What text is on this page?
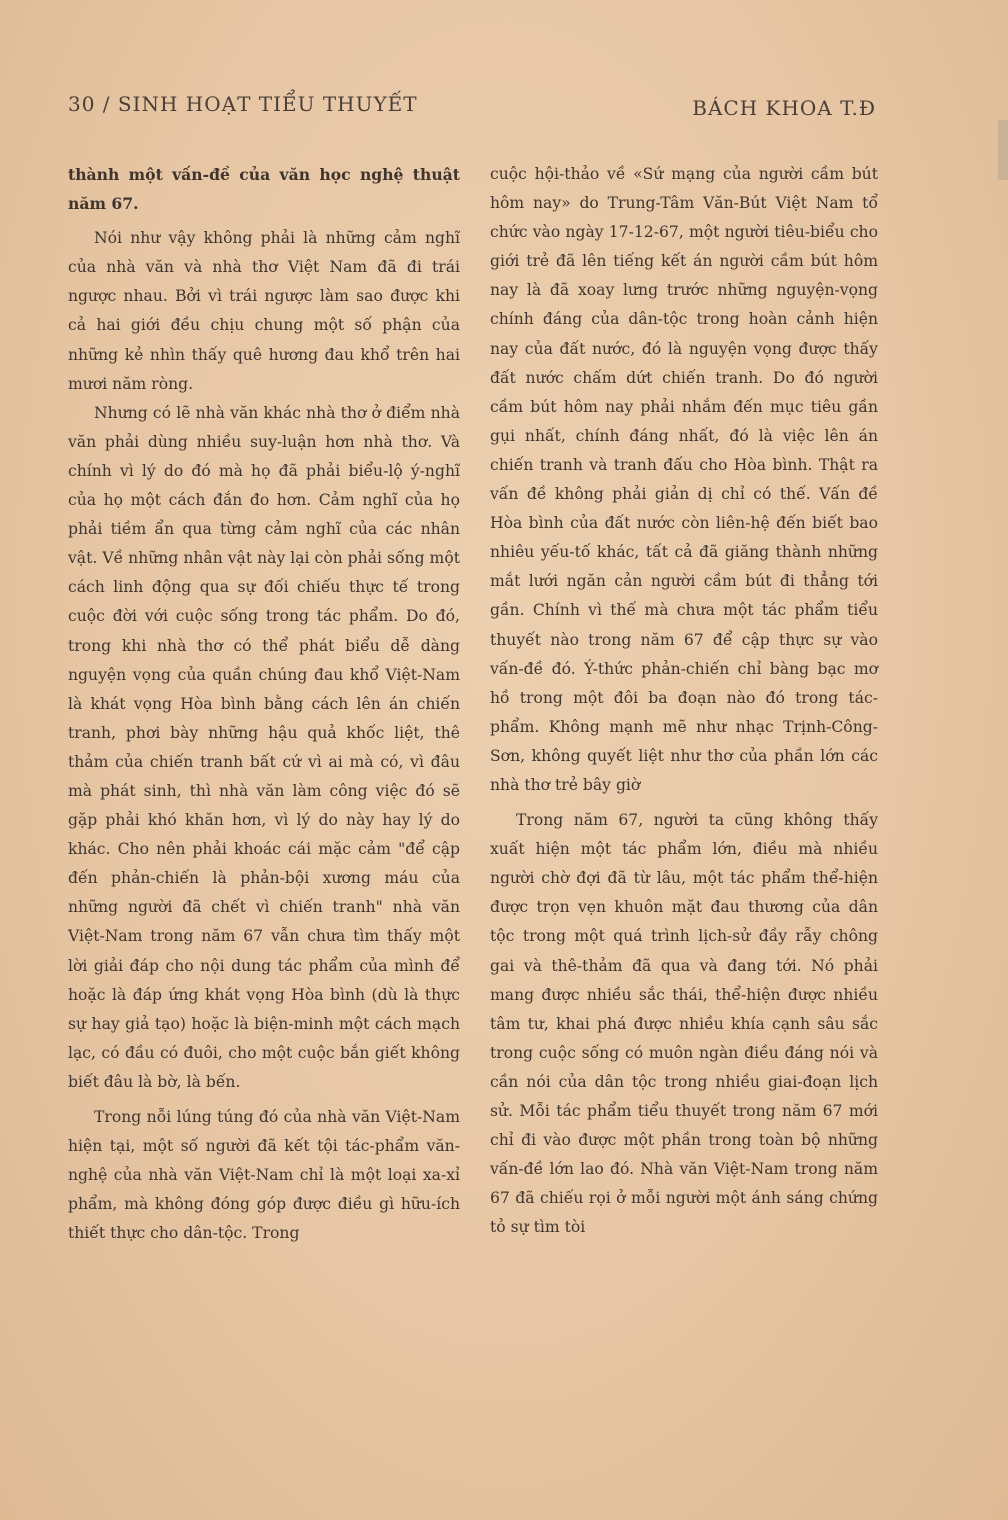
30 / SINH HOẠT TIỂU THUYẾT	BÁCH KHOA T.Đ

thành một vấn-đề của văn học nghệ thuật năm 67.

Nói như vậy không phải là những cảm nghĩ của nhà văn và nhà thơ Việt Nam đã đi trái ngược nhau. Bởi vì trái ngược làm sao được khi cả hai giới đều chịu chung một số phận của những kẻ nhìn thấy quê hương đau khổ trên hai mươi năm ròng.

Nhưng có lẽ nhà văn khác nhà thơ ở điểm nhà văn phải dùng nhiều suy-luận hơn nhà thơ. Và chính vì lý do đó mà họ đã phải biểu-lộ ý-nghĩ của họ một cách đắn đo hơn. Cảm nghĩ của họ phải tiềm ẩn qua từng cảm nghĩ của các nhân vật. Về những nhân vật này lại còn phải sống một cách linh động qua sự đối chiếu thực tế trong cuộc đời với cuộc sống trong tác phẩm. Do đó, trong khi nhà thơ có thể phát biểu dễ dàng nguyện vọng của quần chúng đau khổ Việt-Nam là khát vọng Hòa bình bằng cách lên án chiến tranh, phơi bày những hậu quả khốc liệt, thê thảm của chiến tranh bất cứ vì ai mà có, vì đâu mà phát sinh, thì nhà văn làm công việc đó sẽ gặp phải khó khăn hơn, vì lý do này hay lý do khác. Cho nên phải khoác cái mặc cảm "để cập đến phản-chiến là phản-bội xương máu của những người đã chết vì chiến tranh" nhà văn Việt-Nam trong năm 67 vẫn chưa tìm thấy một lời giải đáp cho nội dung tác phẩm của mình để hoặc là đáp ứng khát vọng Hòa bình (dù là thực sự hay giả tạo) hoặc là biện-minh một cách mạch lạc, có đầu có đuôi, cho một cuộc bắn giết không biết đâu là bờ, là bến.

Trong nỗi lúng túng đó của nhà văn Việt-Nam hiện tại, một số người đã kết tội tác-phẩm văn-nghệ của nhà văn Việt-Nam chỉ là một loại xa-xỉ phẩm, mà không đóng góp được điều gì hữu-ích thiết thực cho dân-tộc. Trong

cuộc hội-thảo về «Sứ mạng của người cầm bút hôm nay» do Trung-Tâm Văn-Bút Việt Nam tổ chức vào ngày 17-12-67, một người tiêu-biểu cho giới trẻ đã lên tiếng kết án người cầm bút hôm nay là đã xoay lưng trước những nguyện-vọng chính đáng của dân-tộc trong hoàn cảnh hiện nay của đất nước, đó là nguyện vọng được thấy đất nước chấm dứt chiến tranh. Do đó người cầm bút hôm nay phải nhắm đến mục tiêu gần gụi nhất, chính đáng nhất, đó là việc lên án chiến tranh và tranh đấu cho Hòa bình. Thật ra vấn đề không phải giản dị chỉ có thế. Vấn đề Hòa bình của đất nước còn liên-hệ đến biết bao nhiêu yếu-tố khác, tất cả đã giăng thành những mắt lưới ngăn cản người cầm bút đi thẳng tới gần. Chính vì thế mà chưa một tác phẩm tiểu thuyết nào trong năm 67 để cập thực sự vào vấn-đề đó. Ý-thức phản-chiến chỉ bàng bạc mơ hồ trong một đôi ba đoạn nào đó trong tác-phẩm. Không mạnh mẽ như nhạc Trịnh-Công-Sơn, không quyết liệt như thơ của phần lớn các nhà thơ trẻ bây giờ

Trong năm 67, người ta cũng không thấy xuất hiện một tác phẩm lớn, điều mà nhiều người chờ đợi đã từ lâu, một tác phẩm thể-hiện được trọn vẹn khuôn mặt đau thương của dân tộc trong một quá trình lịch-sử đầy rẫy chông gai và thê-thảm đã qua và đang tới. Nó phải mang được nhiều sắc thái, thể-hiện được nhiều tâm tư, khai phá được nhiều khía cạnh sâu sắc trong cuộc sống có muôn ngàn điều đáng nói và cần nói của dân tộc trong nhiều giai-đoạn lịch sử. Mỗi tác phẩm tiểu thuyết trong năm 67 mới chỉ đi vào được một phần trong toàn bộ những vấn-đề lớn lao đó. Nhà văn Việt-Nam trong năm 67 đã chiếu rọi ở mỗi người một ánh sáng chứng tỏ sự tìm tòi
